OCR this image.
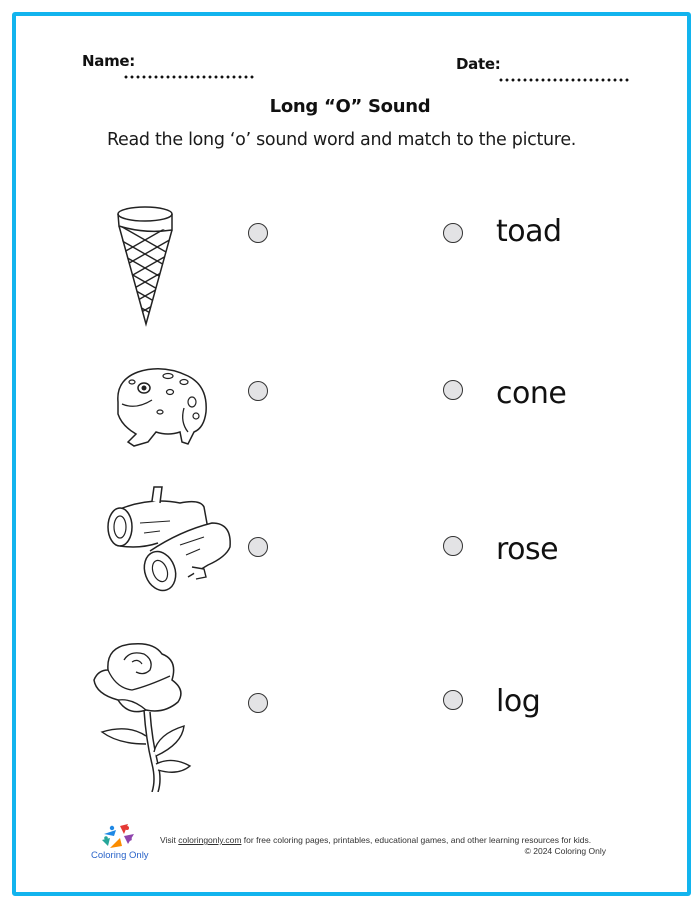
Name:	Date:
Long “O” Sound
Read the long ‘o’ sound word and match to the picture.
toad
cone
rose
log
Coloring Only
Visit coloringonly.com for free coloring pages, printables, educational games, and other learning resources for kids.
© 2024 Coloring Only
